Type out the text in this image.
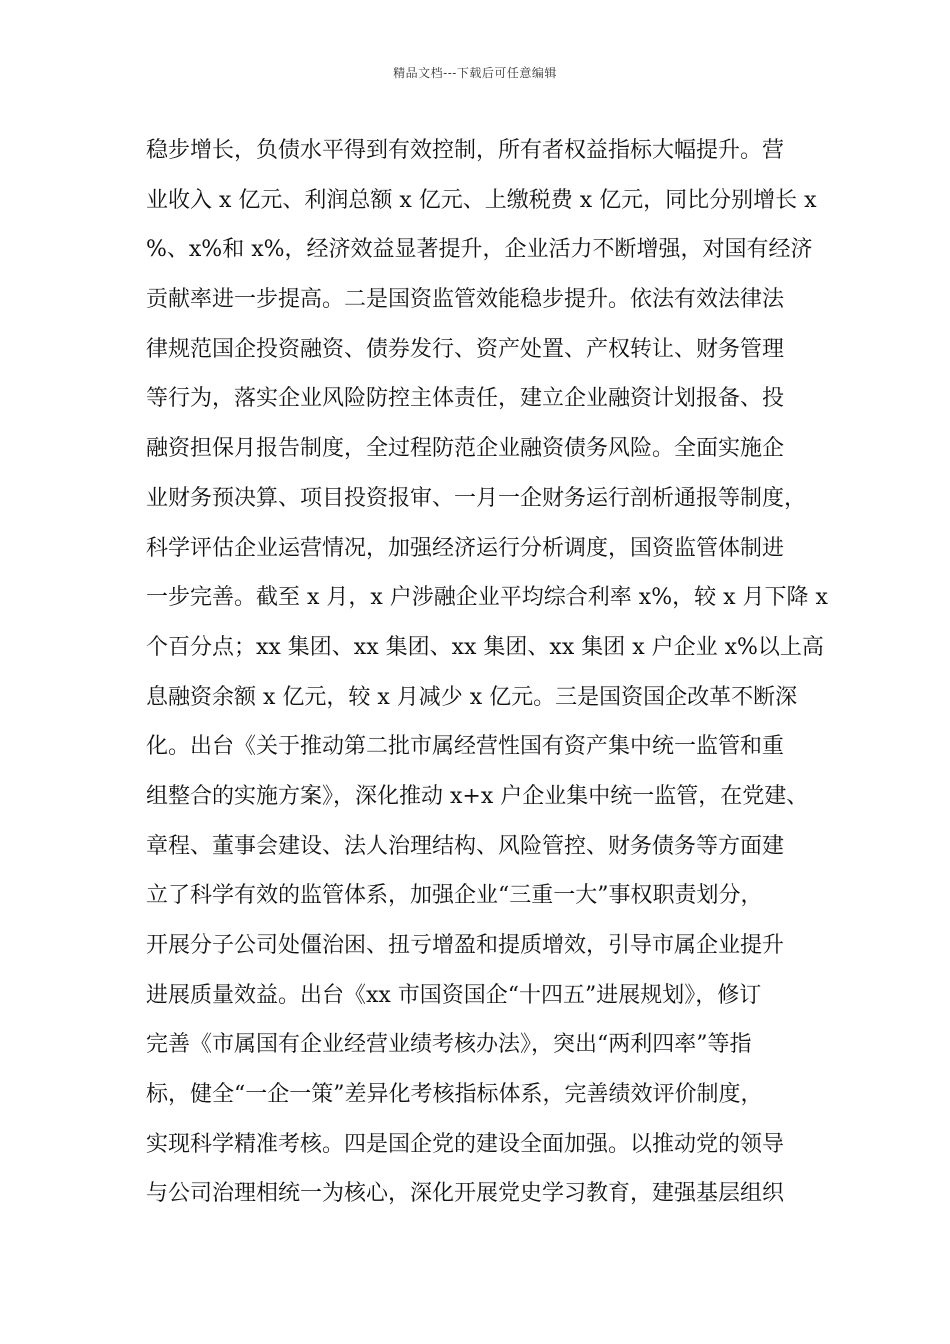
精品文档---下载后可任意编辑
稳步增长，负债水平得到有效控制，所有者权益指标大幅提升。营
业收入 x 亿元、利润总额 x 亿元、上缴税费 x 亿元，同比分别增长 x
%、x%和 x%，经济效益显著提升，企业活力不断增强，对国有经济
贡献率进一步提高。二是国资监管效能稳步提升。依法有效法律法
律规范国企投资融资、债券发行、资产处置、产权转让、财务管理
等行为，落实企业风险防控主体责任，建立企业融资计划报备、投
融资担保月报告制度，全过程防范企业融资债务风险。全面实施企
业财务预决算、项目投资报审、一月一企财务运行剖析通报等制度，
科学评估企业运营情况，加强经济运行分析调度，国资监管体制进
一步完善。截至 x 月，x 户涉融企业平均综合利率 x%，较 x 月下降 x
个百分点；xx 集团、xx 集团、xx 集团、xx 集团 x 户企业 x%以上高
息融资余额 x 亿元，较 x 月减少 x 亿元。三是国资国企改革不断深
化。出台《关于推动第二批市属经营性国有资产集中统一监管和重
组整合的实施方案》，深化推动 x+x 户企业集中统一监管，在党建、
章程、董事会建设、法人治理结构、风险管控、财务债务等方面建
立了科学有效的监管体系，加强企业“三重一大”事权职责划分，
开展分子公司处僵治困、扭亏增盈和提质增效，引导市属企业提升
进展质量效益。出台《xx 市国资国企“十四五”进展规划》，修订
完善《市属国有企业经营业绩考核办法》，突出“两利四率”等指
标，健全“一企一策”差异化考核指标体系，完善绩效评价制度，
实现科学精准考核。四是国企党的建设全面加强。以推动党的领导
与公司治理相统一为核心，深化开展党史学习教育，建强基层组织
